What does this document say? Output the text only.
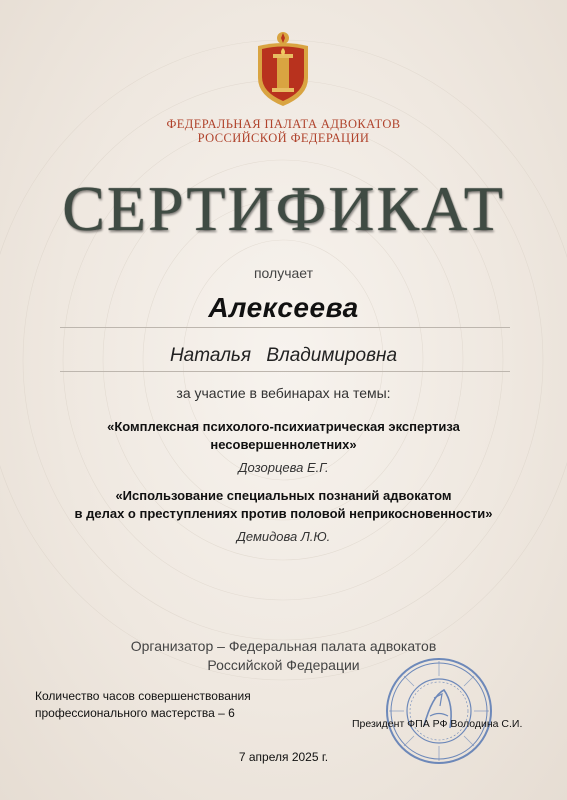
ФЕДЕРАЛЬНАЯ ПАЛАТА АДВОКАТОВ
РОССИЙСКОЙ ФЕДЕРАЦИИ
СЕРТИФИКАТ
получает
Алексеева
Наталья Владимировна
за участие в вебинарах на темы:
«Комплексная психолого-психиатрическая экспертиза
несовершеннолетних»
Дозорцева Е.Г.
«Использование специальных познаний адвокатом
в делах о преступлениях против половой неприкосновенности»
Демидова Л.Ю.
Организатор – Федеральная палата адвокатов
Российской Федерации
Количество часов совершенствования
профессионального мастерства – 6
Президент ФПА РФ Володина С.И.
7 апреля 2025 г.
